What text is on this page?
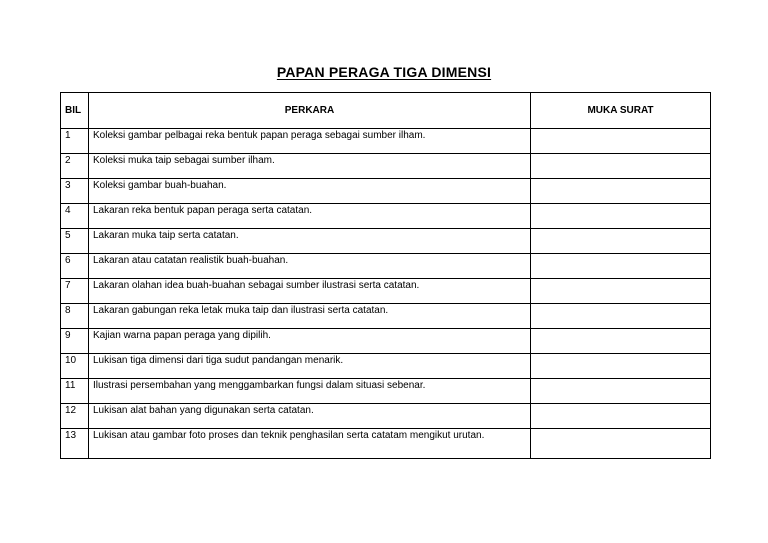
PAPAN PERAGA TIGA DIMENSI
BIL	PERKARA	MUKA SURAT
1	Koleksi gambar pelbagai reka bentuk papan peraga sebagai sumber ilham.	
2	Koleksi muka taip sebagai sumber ilham.	
3	Koleksi gambar buah-buahan.	
4	Lakaran reka bentuk papan peraga serta catatan.	
5	Lakaran muka taip serta catatan.	
6	Lakaran atau catatan realistik buah-buahan.	
7	Lakaran olahan idea buah-buahan sebagai sumber ilustrasi serta catatan.	
8	Lakaran gabungan reka letak muka taip dan ilustrasi serta catatan.	
9	Kajian warna papan peraga yang dipilih.	
10	Lukisan tiga dimensi dari tiga sudut pandangan menarik.	
11	Ilustrasi persembahan yang menggambarkan fungsi dalam situasi sebenar.	
12	Lukisan alat bahan yang digunakan serta catatan.	
13	Lukisan atau gambar foto proses dan teknik penghasilan serta catatam mengikut urutan.	
